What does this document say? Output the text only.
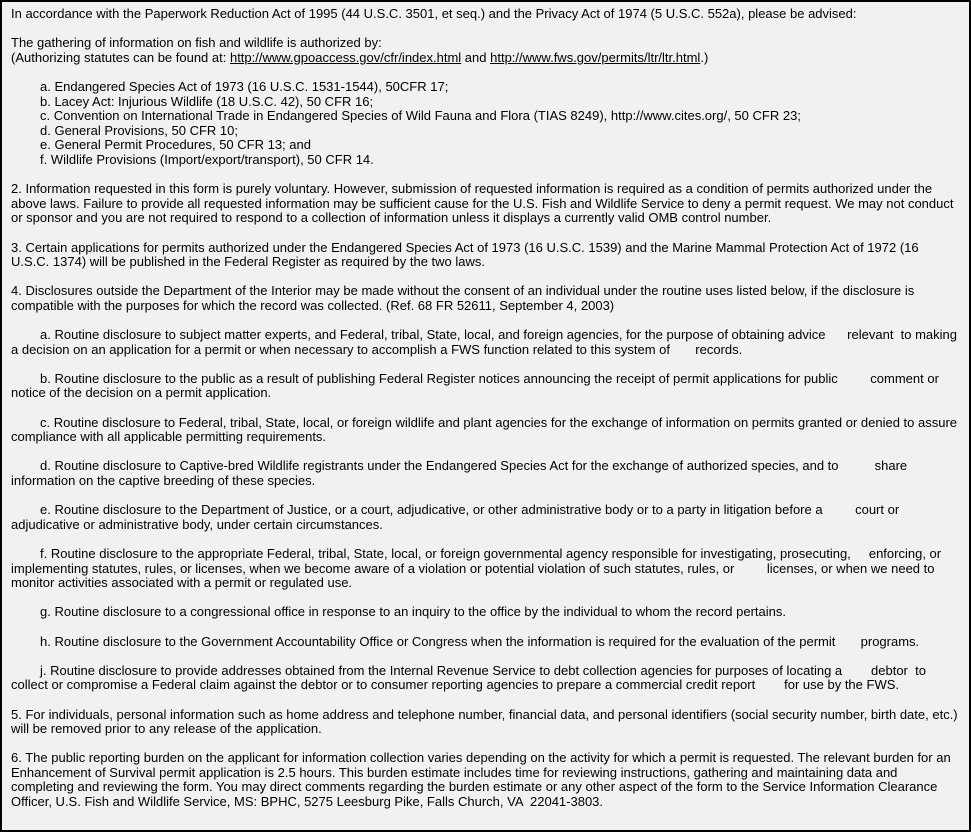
In accordance with the Paperwork Reduction Act of 1995 (44 U.S.C. 3501, et seq.) and the Privacy Act of 1974 (5 U.S.C. 552a), please be advised:

The gathering of information on fish and wildlife is authorized by:
(Authorizing statutes can be found at: http://www.gpoaccess.gov/cfr/index.html and http://www.fws.gov/permits/ltr/ltr.html.)
a. Endangered Species Act of 1973 (16 U.S.C. 1531-1544), 50CFR 17;
b. Lacey Act: Injurious Wildlife (18 U.S.C. 42), 50 CFR 16;
c. Convention on International Trade in Endangered Species of Wild Fauna and Flora (TIAS 8249), http://www.cites.org/, 50 CFR 23;
d. General Provisions, 50 CFR 10;
e. General Permit Procedures, 50 CFR 13; and
f. Wildlife Provisions (Import/export/transport), 50 CFR 14.

2. Information requested in this form is purely voluntary. However, submission of requested information is required as a condition of permits authorized under the above laws. Failure to provide all requested information may be sufficient cause for the U.S. Fish and Wildlife Service to deny a permit request. We may not conduct or sponsor and you are not required to respond to a collection of information unless it displays a currently valid OMB control number.

3. Certain applications for permits authorized under the Endangered Species Act of 1973 (16 U.S.C. 1539) and the Marine Mammal Protection Act of 1972 (16 U.S.C. 1374) will be published in the Federal Register as required by the two laws.

4. Disclosures outside the Department of the Interior may be made without the consent of an individual under the routine uses listed below, if the disclosure is compatible with the purposes for which the record was collected. (Ref. 68 FR 52611, September 4, 2003)

a. Routine disclosure to subject matter experts, and Federal, tribal, State, local, and foreign agencies, for the purpose of obtaining advice      relevant  to making a decision on an application for a permit or when necessary to accomplish a FWS function related to this system of       records.

b. Routine disclosure to the public as a result of publishing Federal Register notices announcing the receipt of permit applications for public         comment or notice of the decision on a permit application.

c. Routine disclosure to Federal, tribal, State, local, or foreign wildlife and plant agencies for the exchange of information on permits granted or denied to assure compliance with all applicable permitting requirements.

d. Routine disclosure to Captive-bred Wildlife registrants under the Endangered Species Act for the exchange of authorized species, and to          share information on the captive breeding of these species.

e. Routine disclosure to the Department of Justice, or a court, adjudicative, or other administrative body or to a party in litigation before a         court or adjudicative or administrative body, under certain circumstances.

f. Routine disclosure to the appropriate Federal, tribal, State, local, or foreign governmental agency responsible for investigating, prosecuting,     enforcing, or implementing statutes, rules, or licenses, when we become aware of a violation or potential violation of such statutes, rules, or         licenses, or when we need to monitor activities associated with a permit or regulated use.

g. Routine disclosure to a congressional office in response to an inquiry to the office by the individual to whom the record pertains.

h. Routine disclosure to the Government Accountability Office or Congress when the information is required for the evaluation of the permit       programs.

j. Routine disclosure to provide addresses obtained from the Internal Revenue Service to debt collection agencies for purposes of locating a        debtor  to collect or compromise a Federal claim against the debtor or to consumer reporting agencies to prepare a commercial credit report        for use by the FWS.

5. For individuals, personal information such as home address and telephone number, financial data, and personal identifiers (social security number, birth date, etc.) will be removed prior to any release of the application.

6. The public reporting burden on the applicant for information collection varies depending on the activity for which a permit is requested. The relevant burden for an Enhancement of Survival permit application is 2.5 hours. This burden estimate includes time for reviewing instructions, gathering and maintaining data and completing and reviewing the form. You may direct comments regarding the burden estimate or any other aspect of the form to the Service Information Clearance Officer, U.S. Fish and Wildlife Service, MS: BPHC, 5275 Leesburg Pike, Falls Church, VA  22041-3803.
